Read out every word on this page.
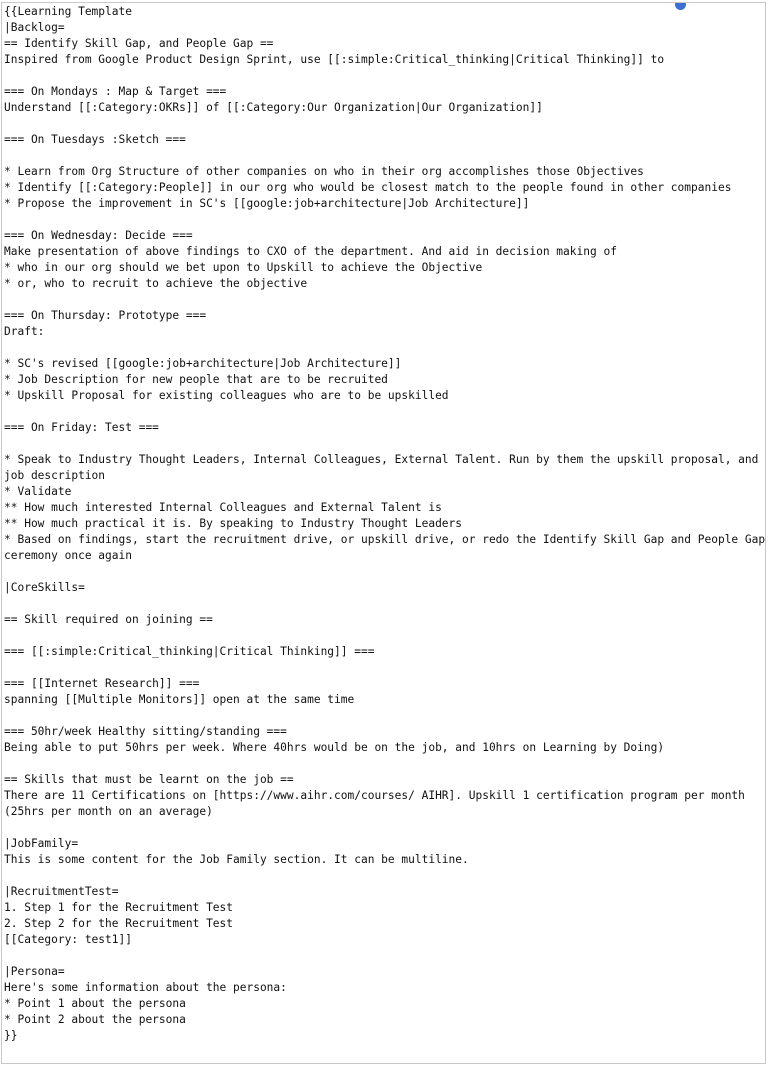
{{Learning Template
|Backlog=
== Identify Skill Gap, and People Gap ==
Inspired from Google Product Design Sprint, use [[:simple:Critical_thinking|Critical Thinking]] to
=== On Mondays : Map & Target ===
Understand [[:Category:OKRs]] of [[:Category:Our Organization|Our Organization]]
=== On Tuesdays :Sketch ===
* Learn from Org Structure of other companies on who in their org accomplishes those Objectives
* Identify [[:Category:People]] in our org who would be closest match to the people found in other companies
* Propose the improvement in SC's [[google:job+architecture|Job Architecture]]
=== On Wednesday: Decide ===
Make presentation of above findings to CXO of the department. And aid in decision making of
* who in our org should we bet upon to Upskill to achieve the Objective
* or, who to recruit to achieve the objective
=== On Thursday: Prototype ===
Draft:
* SC's revised [[google:job+architecture|Job Architecture]]
* Job Description for new people that are to be recruited
* Upskill Proposal for existing colleagues who are to be upskilled
=== On Friday: Test ===
* Speak to Industry Thought Leaders, Internal Colleagues, External Talent. Run by them the upskill proposal, and
job description
* Validate
** How much interested Internal Colleagues and External Talent is
** How much practical it is. By speaking to Industry Thought Leaders
* Based on findings, start the recruitment drive, or upskill drive, or redo the Identify Skill Gap and People Gap
ceremony once again
|CoreSkills=
== Skill required on joining ==
=== [[:simple:Critical_thinking|Critical Thinking]] ===
=== [[Internet Research]] ===
spanning [[Multiple Monitors]] open at the same time
=== 50hr/week Healthy sitting/standing ===
Being able to put 50hrs per week. Where 40hrs would be on the job, and 10hrs on Learning by Doing)
== Skills that must be learnt on the job ==
There are 11 Certifications on [https://www.aihr.com/courses/ AIHR]. Upskill 1 certification program per month
(25hrs per month on an average)
|JobFamily=
This is some content for the Job Family section. It can be multiline.
|RecruitmentTest=
1. Step 1 for the Recruitment Test
2. Step 2 for the Recruitment Test
[[Category: test1]]
|Persona=
Here's some information about the persona:
* Point 1 about the persona
* Point 2 about the persona
}}
